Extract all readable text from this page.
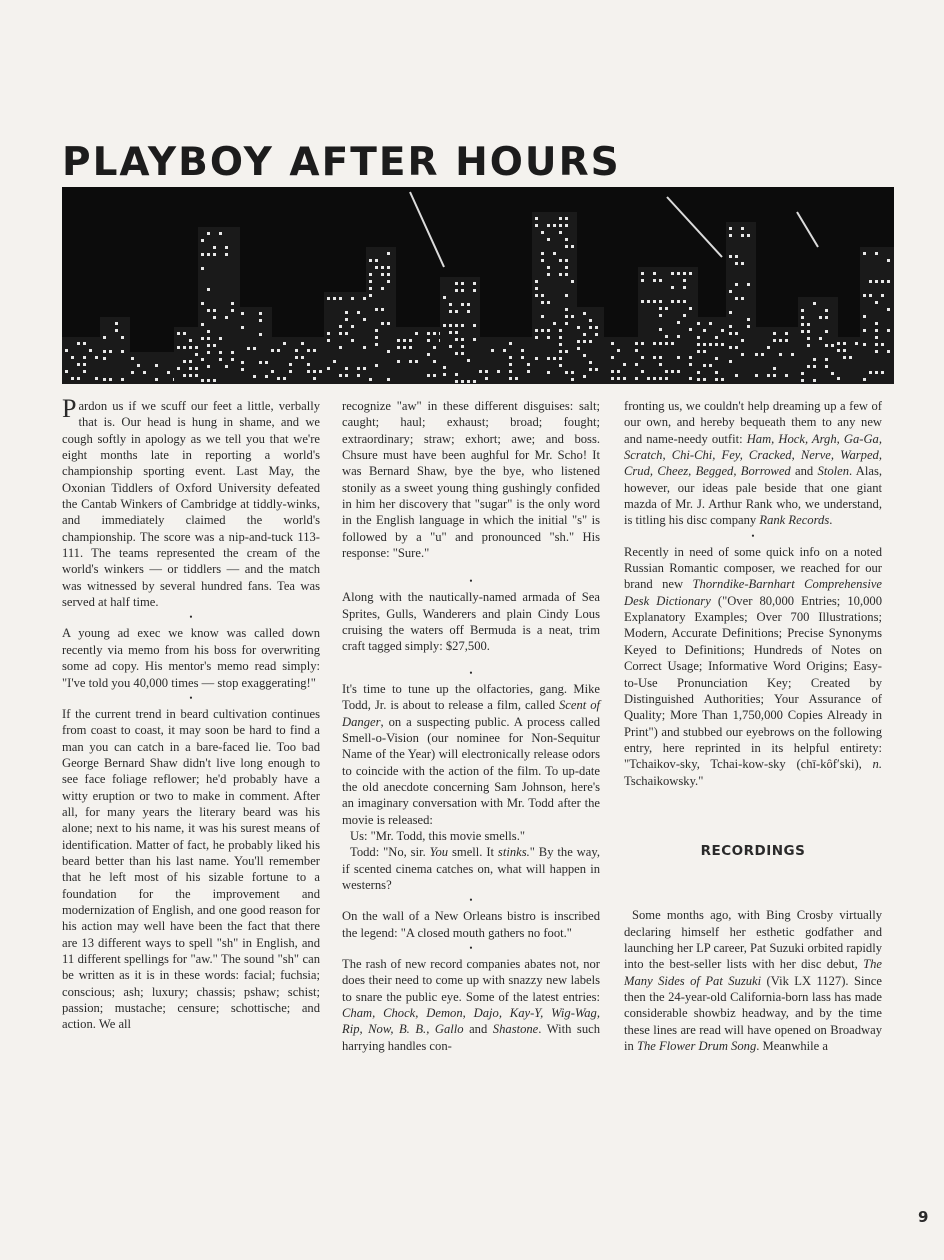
PLAYBOY AFTER HOURS

Pardon us if we scuff our feet a little, verbally that is. Our head is hung in shame, and we cough softly in apology as we tell you that we're eight months late in reporting a world's championship sporting event. Last May, the Oxonian Tiddlers of Oxford University defeated the Cantab Winkers of Cambridge at tiddly-winks, and immediately claimed the world's championship. The score was a nip-and-tuck 113-111. The teams represented the cream of the world's winkers — or tiddlers — and the match was witnessed by several hundred fans. Tea was served at half time.

•

A young ad exec we know was called down recently via memo from his boss for overwriting some ad copy. His mentor's memo read simply: "I've told you 40,000 times — stop exaggerating!"

•

If the current trend in beard cultivation continues from coast to coast, it may soon be hard to find a man you can catch in a bare-faced lie. Too bad George Bernard Shaw didn't live long enough to see face foliage reflower; he'd probably have a witty eruption or two to make in comment. After all, for many years the literary beard was his alone; next to his name, it was his surest means of identification. Matter of fact, he probably liked his beard better than his last name. You'll remember that he left most of his sizable fortune to a foundation for the improvement and modernization of English, and one good reason for his action may well have been the fact that there are 13 different ways to spell "sh" in English, and 11 different spellings for "aw." The sound "sh" can be written as it is in these words: facial; fuchsia; conscious; ash; luxury; chassis; pshaw; schist; passion; mustache; censure; schottische; and action. We all

recognize "aw" in these different disguises: salt; caught; haul; exhaust; broad; fought; extraordinary; straw; exhort; awe; and boss. Chsure must have been aughful for Mr. Scho! It was Bernard Shaw, bye the bye, who listened stonily as a sweet young thing gushingly confided in him her discovery that "sugar" is the only word in the English language in which the initial "s" is followed by a "u" and pronounced "sh." His response: "Sure."

•

Along with the nautically-named armada of Sea Sprites, Gulls, Wanderers and plain Cindy Lous cruising the waters off Bermuda is a neat, trim craft tagged simply: $27,500.

•

It's time to tune up the olfactories, gang. Mike Todd, Jr. is about to release a film, called Scent of Danger, on a suspecting public. A process called Smell-o-Vision (our nominee for Non-Sequitur Name of the Year) will electronically release odors to coincide with the action of the film. To up-date the old anecdote concerning Sam Johnson, here's an imaginary conversation with Mr. Todd after the movie is released:

Us: "Mr. Todd, this movie smells."

Todd: "No, sir. You smell. It stinks." By the way, if scented cinema catches on, what will happen in westerns?

•

On the wall of a New Orleans bistro is inscribed the legend: "A closed mouth gathers no foot."

•

The rash of new record companies abates not, nor does their need to come up with snazzy new labels to snare the public eye. Some of the latest entries: Cham, Chock, Demon, Dajo, Kay-Y, Wig-Wag, Rip, Now, B. B., Gallo and Shastone. With such harrying handles con-

fronting us, we couldn't help dreaming up a few of our own, and hereby bequeath them to any new and name-needy outfit: Ham, Hock, Argh, Ga-Ga, Scratch, Chi-Chi, Fey, Cracked, Nerve, Warped, Crud, Cheez, Begged, Borrowed and Stolen. Alas, however, our ideas pale beside that one giant mazda of Mr. J. Arthur Rank who, we understand, is titling his disc company Rank Records.

•

Recently in need of some quick info on a noted Russian Romantic composer, we reached for our brand new Thorndike-Barnhart Comprehensive Desk Dictionary ("Over 80,000 Entries; 10,000 Explanatory Examples; Over 700 Illustrations; Modern, Accurate Definitions; Precise Synonyms Keyed to Definitions; Hundreds of Notes on Correct Usage; Informative Word Origins; Easy-to-Use Pronunciation Key; Created by Distinguished Authorities; Your Assurance of Quality; More Than 1,750,000 Copies Already in Print") and stubbed our eyebrows on the following entry, here reprinted in its helpful entirety: "Tchaikov-sky, Tchai-kow-sky (chī-kôf′ski), n. Tschaikowsky."

RECORDINGS

Some months ago, with Bing Crosby virtually declaring himself her esthetic godfather and launching her LP career, Pat Suzuki orbited rapidly into the best-seller lists with her disc debut, The Many Sides of Pat Suzuki (Vik LX 1127). Since then the 24-year-old California-born lass has made considerable showbiz headway, and by the time these lines are read will have opened on Broadway in The Flower Drum Song. Meanwhile a

9
